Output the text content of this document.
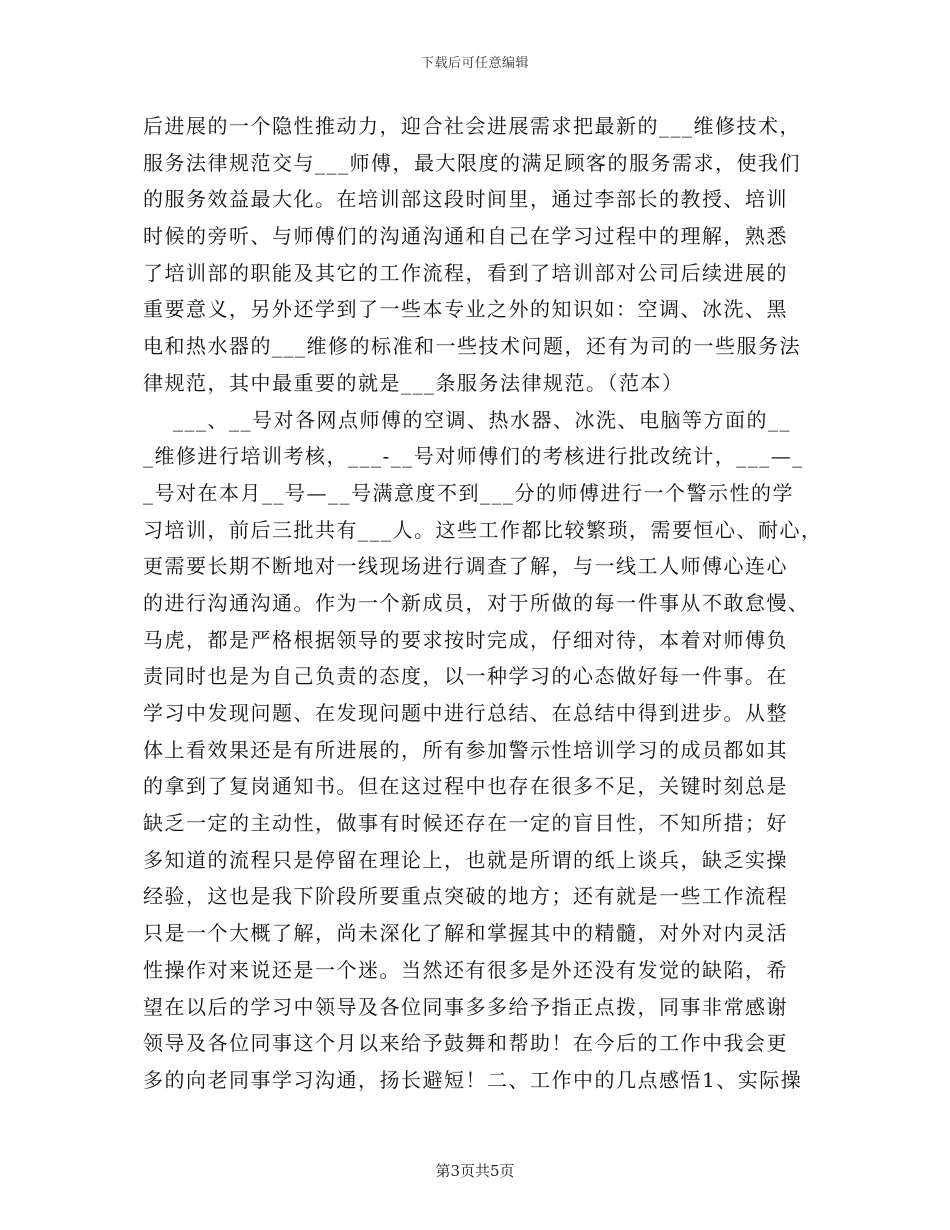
下载后可任意编辑
后进展的一个隐性推动力，迎合社会进展需求把最新的___维修技术，
服务法律规范交与___师傅，最大限度的满足顾客的服务需求，使我们
的服务效益最大化。在培训部这段时间里，通过李部长的教授、培训
时候的旁听、与师傅们的沟通沟通和自己在学习过程中的理解，熟悉
了培训部的职能及其它的工作流程，看到了培训部对公司后续进展的
重要意义，另外还学到了一些本专业之外的知识如：空调、冰洗、黑
电和热水器的___维修的标准和一些技术问题，还有为司的一些服务法
律规范，其中最重要的就是___条服务法律规范。（范本）
___、__号对各网点师傅的空调、热水器、冰洗、电脑等方面的__
_维修进行培训考核，___-__号对师傅们的考核进行批改统计，___—_
_号对在本月__号—__号满意度不到___分的师傅进行一个警示性的学
习培训，前后三批共有___人。这些工作都比较繁琐，需要恒心、耐心，
更需要长期不断地对一线现场进行调查了解，与一线工人师傅心连心
的进行沟通沟通。作为一个新成员，对于所做的每一件事从不敢怠慢、
马虎，都是严格根据领导的要求按时完成，仔细对待，本着对师傅负
责同时也是为自己负责的态度，以一种学习的心态做好每一件事。在
学习中发现问题、在发现问题中进行总结、在总结中得到进步。从整
体上看效果还是有所进展的，所有参加警示性培训学习的成员都如其
的拿到了复岗通知书。但在这过程中也存在很多不足，关键时刻总是
缺乏一定的主动性，做事有时候还存在一定的盲目性，不知所措；好
多知道的流程只是停留在理论上，也就是所谓的纸上谈兵，缺乏实操
经验，这也是我下阶段所要重点突破的地方；还有就是一些工作流程
只是一个大概了解，尚未深化了解和掌握其中的精髓，对外对内灵活
性操作对来说还是一个迷。当然还有很多是外还没有发觉的缺陷，希
望在以后的学习中领导及各位同事多多给予指正点拨，同事非常感谢
领导及各位同事这个月以来给予鼓舞和帮助！在今后的工作中我会更
多的向老同事学习沟通，扬长避短！二、工作中的几点感悟1、实际操
第3页共5页
